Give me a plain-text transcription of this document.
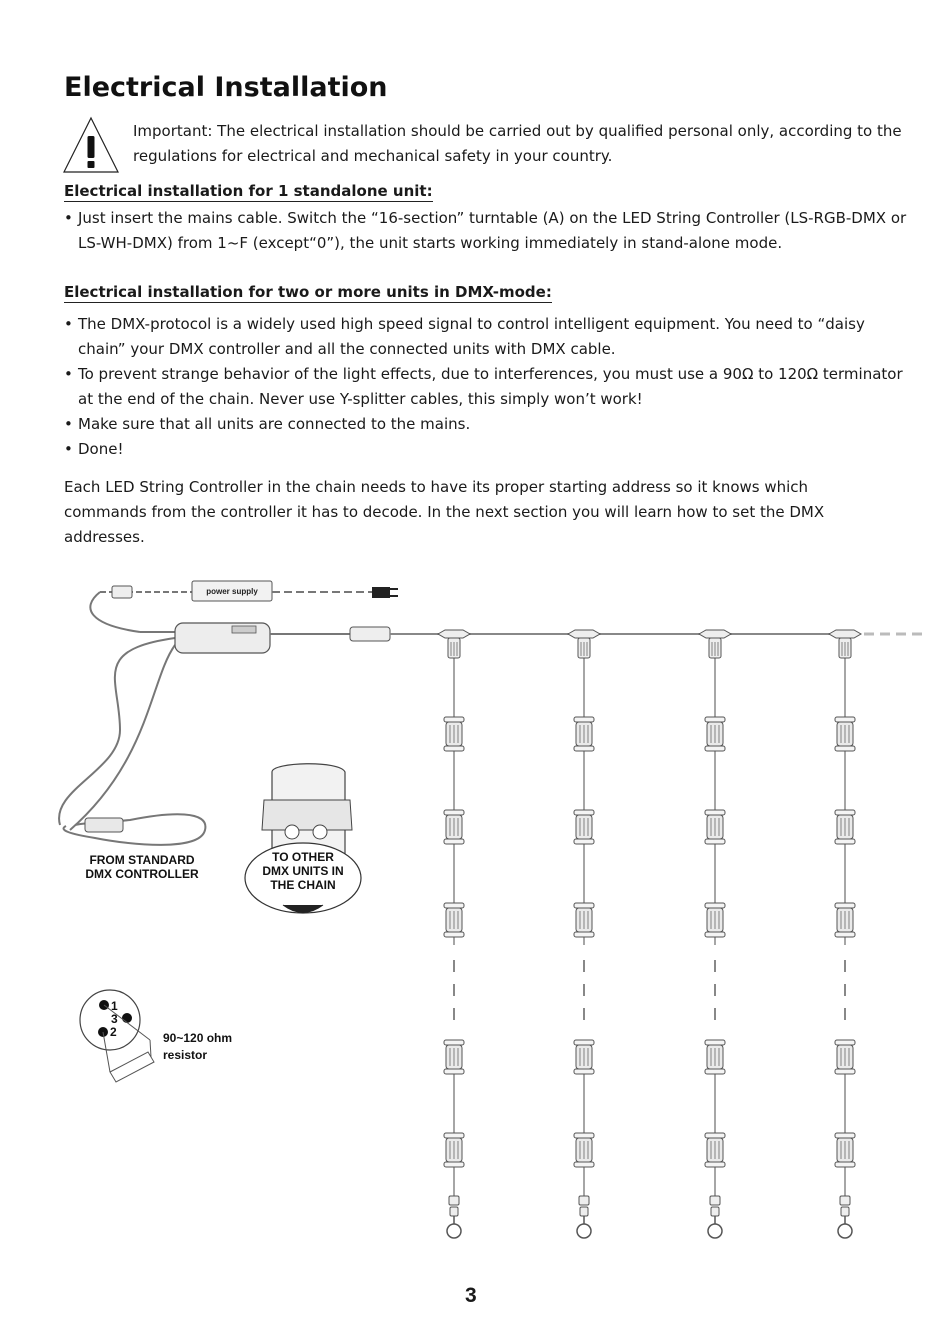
Electrical Installation

Important: The electrical installation should be carried out by qualified personal only, according to the regulations for electrical and mechanical safety in your country.

Electrical installation for 1 standalone unit:
• Just insert the mains cable. Switch the “16-section” turntable (A) on the LED String Controller (LS-RGB-DMX or LS-WH-DMX) from 1~F (except“0”), the unit starts working immediately in stand-alone mode.
Electrical installation for two or more units in DMX-mode:
• The DMX-protocol is a widely used high speed signal to control intelligent equipment. You need to “daisy chain” your DMX controller and all the connected units with DMX cable.
• To prevent strange behavior of the light effects, due to interferences, you must use a 90Ω to 120Ω terminator at the end of the chain. Never use Y-splitter cables, this simply won’t work!
• Make sure that all units are connected to the mains.
• Done!

Each LED String Controller in the chain needs to have its proper starting address so it knows which commands from the controller it has to decode. In the next section you will learn how to set the DMX addresses.

power supply
FROM STANDARD
DMX CONTROLLER
TO OTHER
DMX UNITS IN
THE CHAIN
1
3
2	90~120 ohm
resistor

3
